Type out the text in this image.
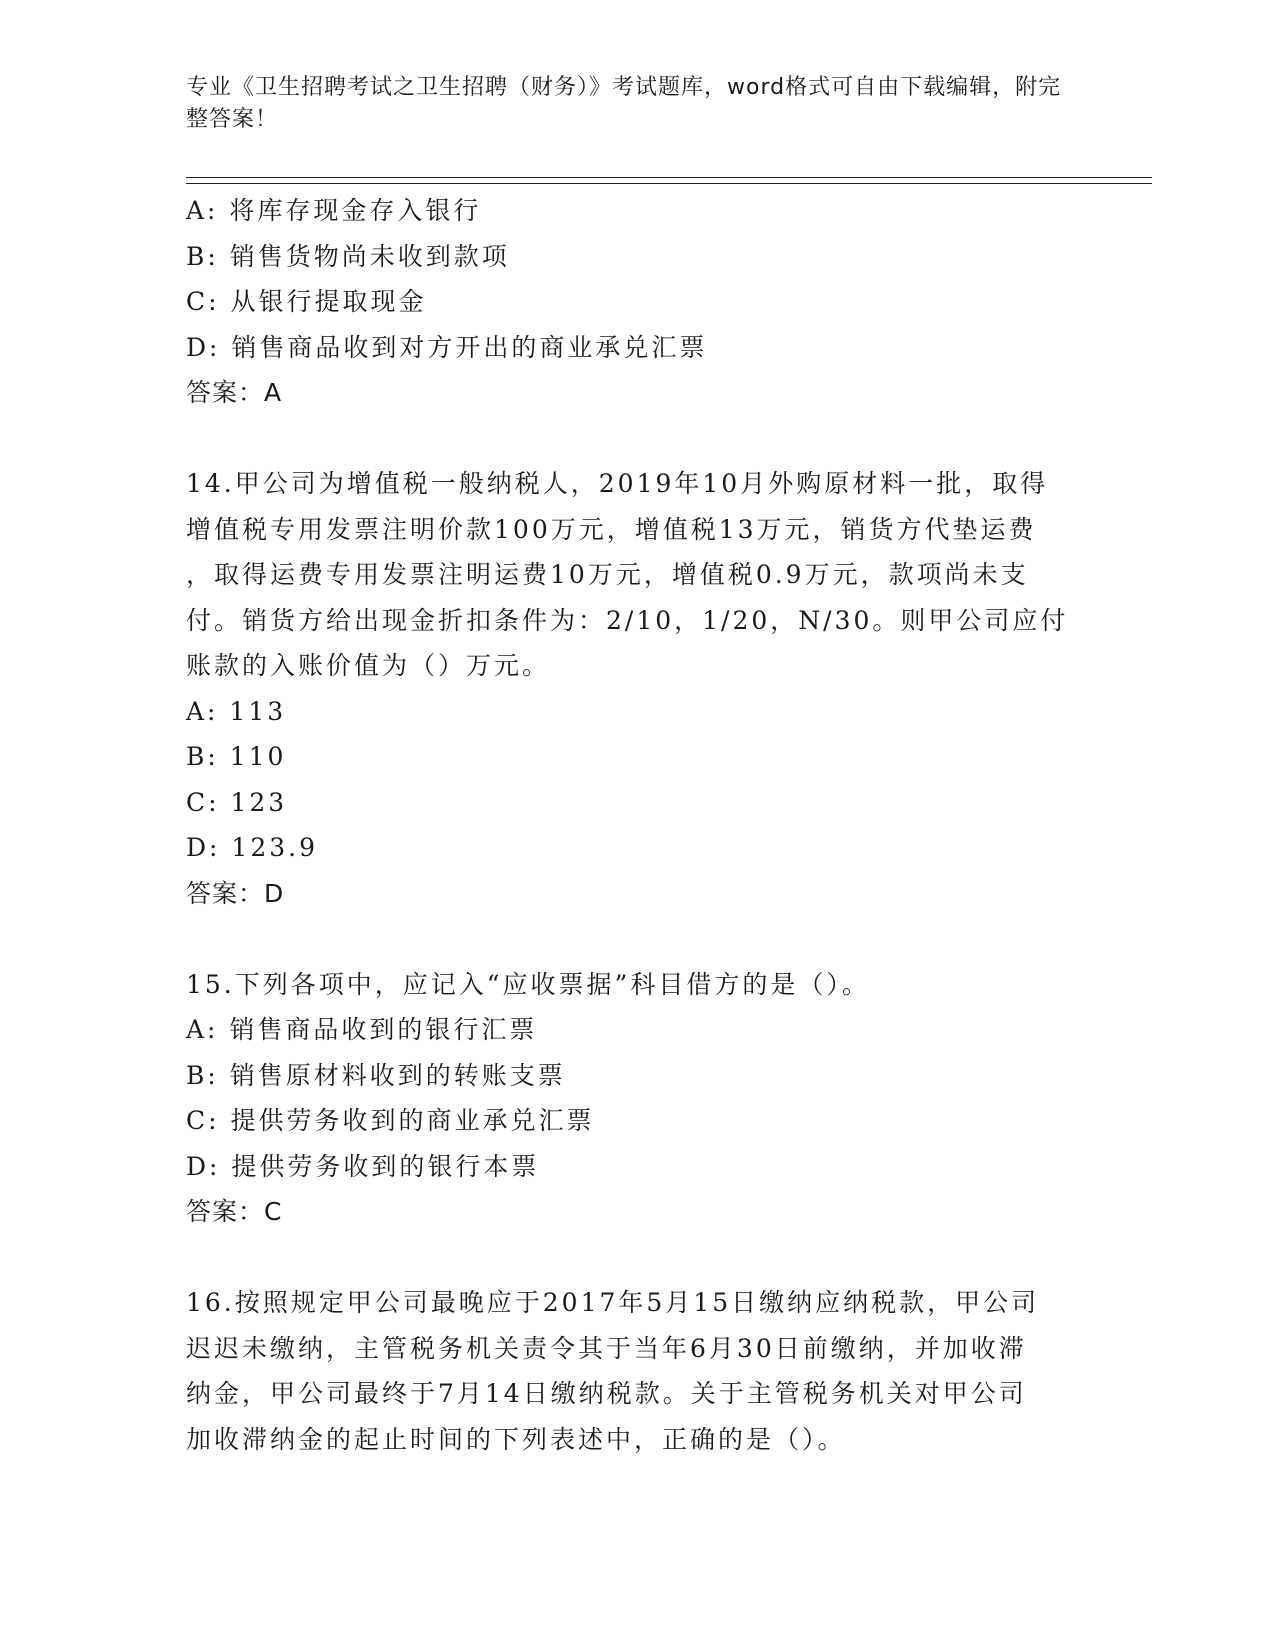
专业《卫生招聘考试之卫生招聘（财务）》考试题库，word格式可自由下载编辑，附完整答案！
A: 将库存现金存入银行
B: 销售货物尚未收到款项
C: 从银行提取现金
D: 销售商品收到对方开出的商业承兑汇票
答案：A
14.甲公司为增值税一般纳税人，2019年10月外购原材料一批，取得
增值税专用发票注明价款100万元，增值税13万元，销货方代垫运费
，取得运费专用发票注明运费10万元，增值税0.9万元，款项尚未支
付。销货方给出现金折扣条件为：2/10，1/20，N/30。则甲公司应付
账款的入账价值为（）万元。
A: 113
B: 110
C: 123
D: 123.9
答案：D
15.下列各项中，应记入“应收票据”科目借方的是（）。
A: 销售商品收到的银行汇票
B: 销售原材料收到的转账支票
C: 提供劳务收到的商业承兑汇票
D: 提供劳务收到的银行本票
答案：C
16.按照规定甲公司最晚应于2017年5月15日缴纳应纳税款，甲公司
迟迟未缴纳，主管税务机关责令其于当年6月30日前缴纳，并加收滞
纳金，甲公司最终于7月14日缴纳税款。关于主管税务机关对甲公司
加收滞纳金的起止时间的下列表述中，正确的是（）。
